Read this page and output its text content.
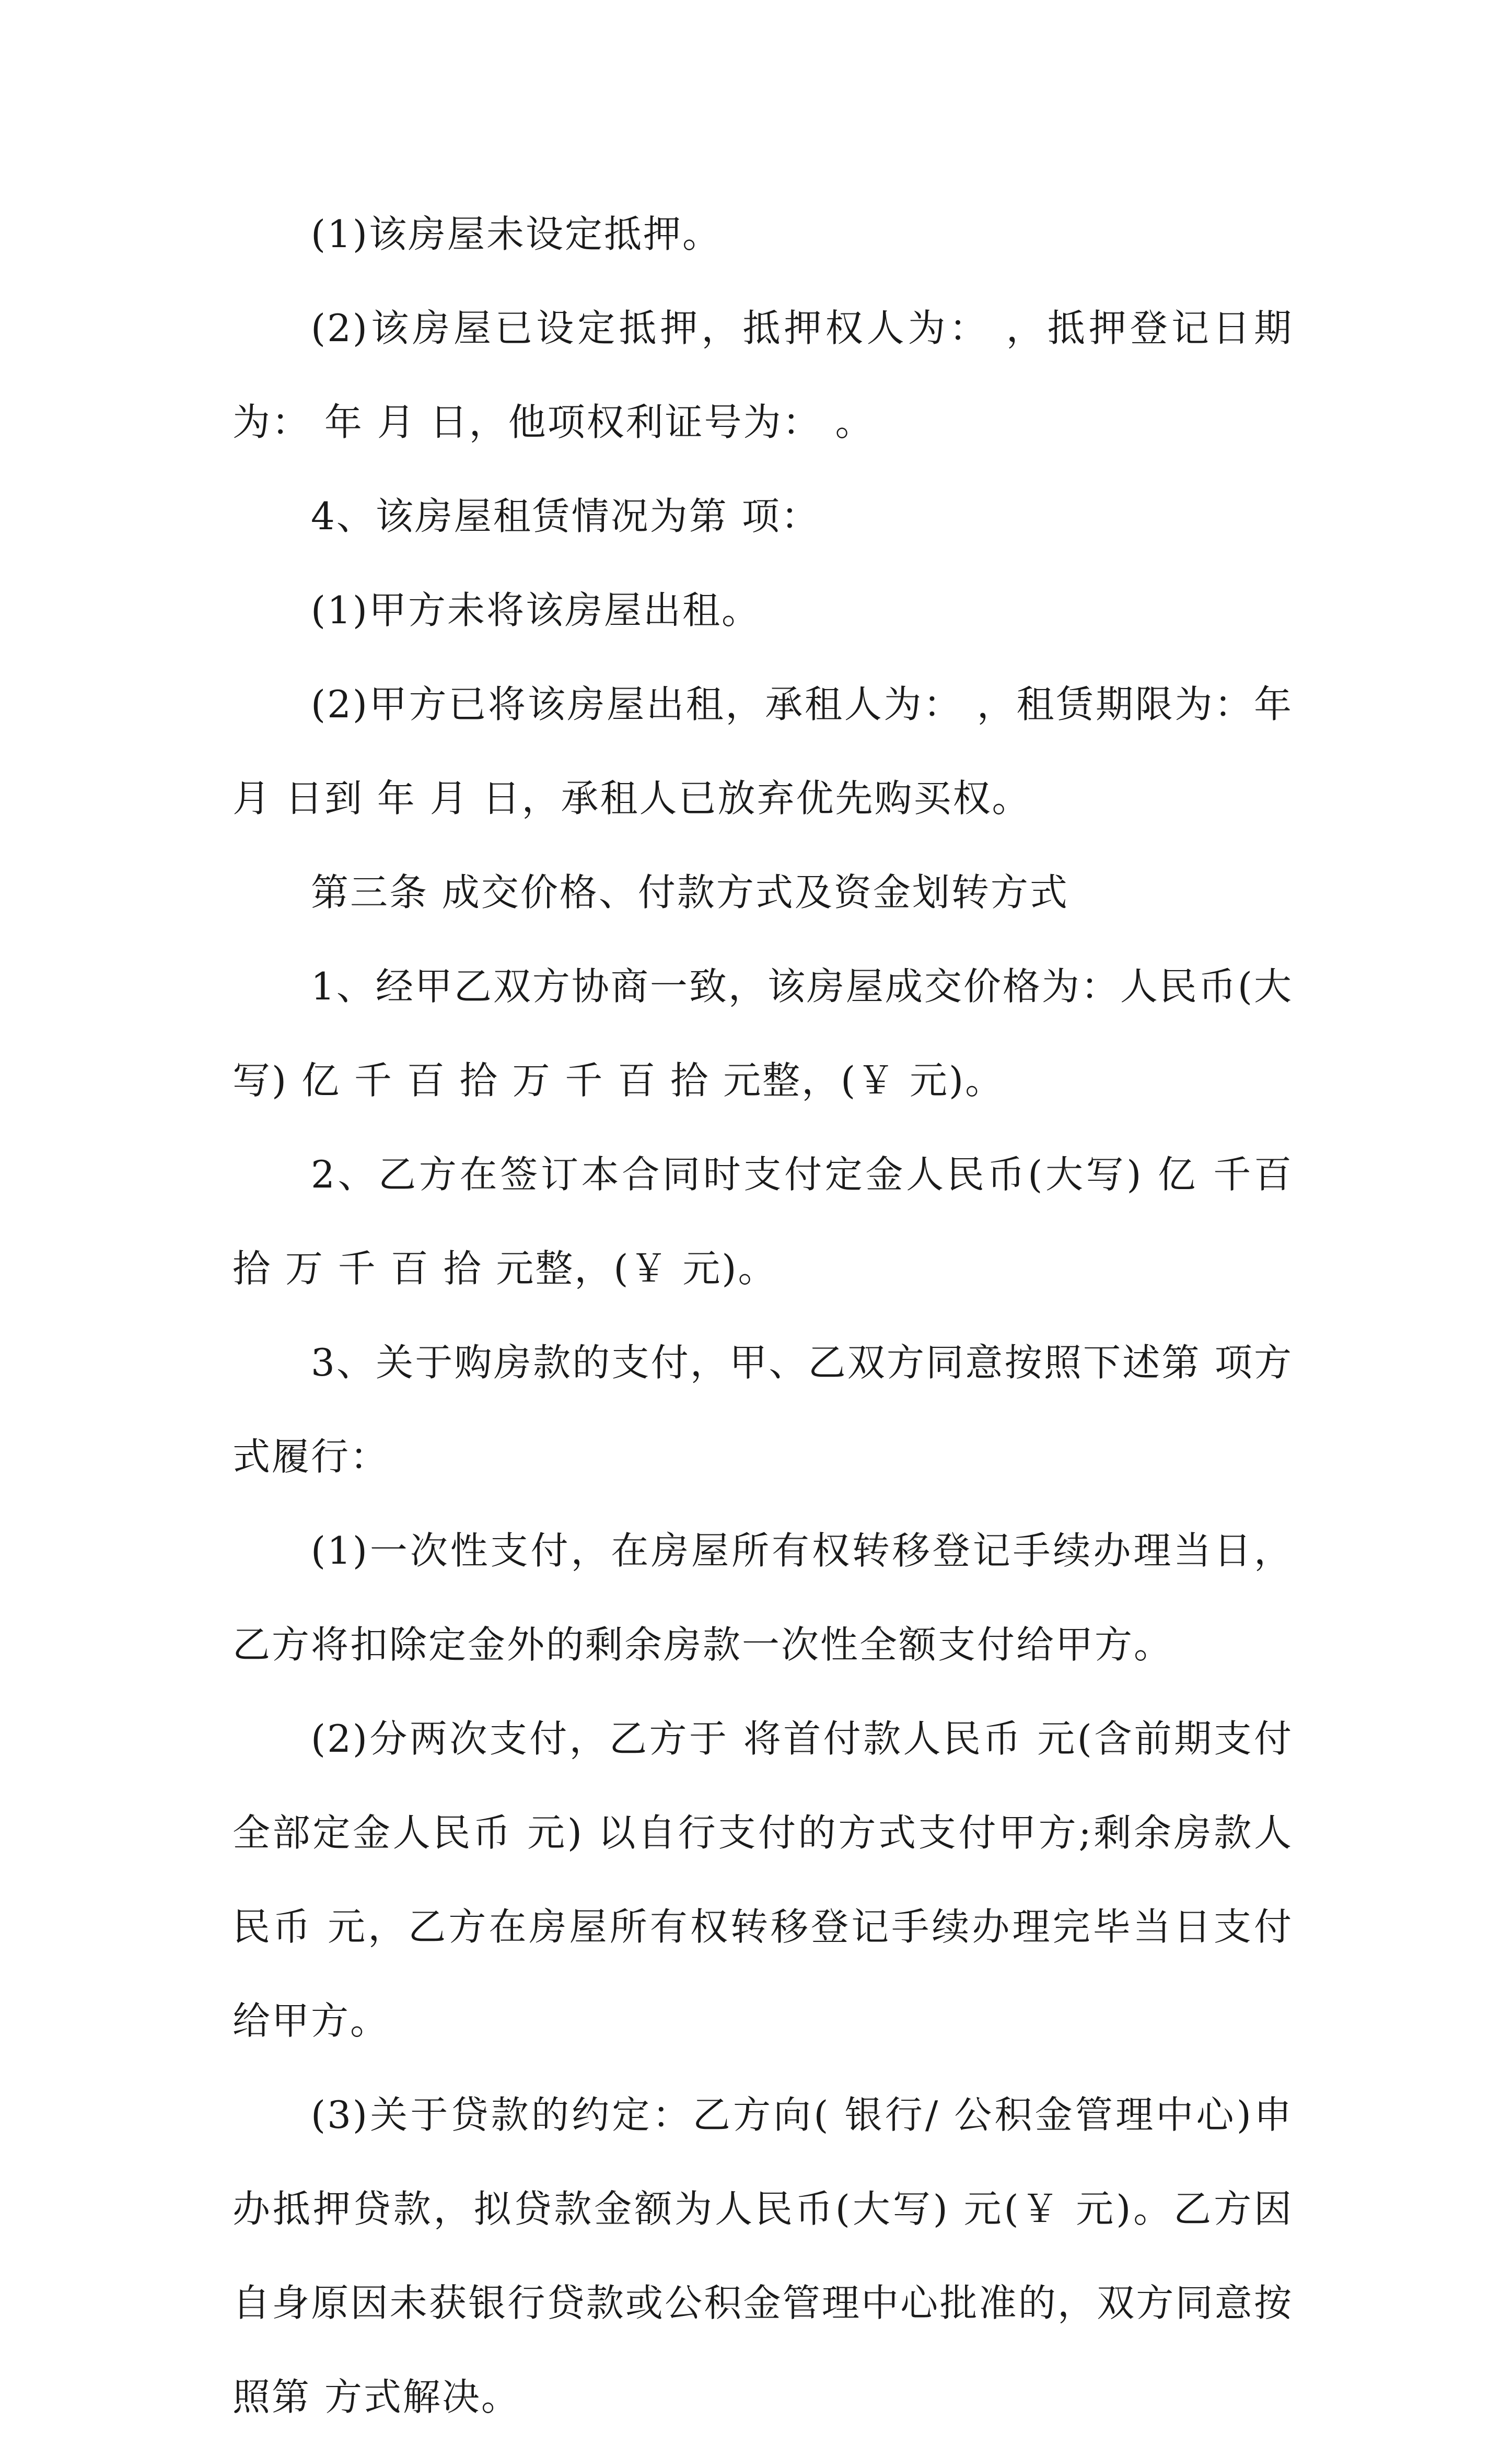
(1)该房屋未设定抵押。

(2)该房屋已设定抵押，抵押权人为： ，抵押登记日期为： 年 月 日，他项权利证号为： 。

4、该房屋租赁情况为第 项：

(1)甲方未将该房屋出租。

(2)甲方已将该房屋出租，承租人为： ，租赁期限为：年 月 日到 年 月 日，承租人已放弃优先购买权。

第三条 成交价格、付款方式及资金划转方式

1、经甲乙双方协商一致，该房屋成交价格为：人民币(大写) 亿 千 百 拾 万 千 百 拾 元整，(￥ 元)。

2、乙方在签订本合同时支付定金人民币(大写) 亿 千百 拾 万 千 百 拾 元整，(￥ 元)。

3、关于购房款的支付，甲、乙双方同意按照下述第 项方式履行：

(1)一次性支付，在房屋所有权转移登记手续办理当日，乙方将扣除定金外的剩余房款一次性全额支付给甲方。

(2)分两次支付，乙方于 将首付款人民币 元(含前期支付全部定金人民币 元) 以自行支付的方式支付甲方;剩余房款人民币 元，乙方在房屋所有权转移登记手续办理完毕当日支付给甲方。

(3)关于贷款的约定：乙方向( 银行/ 公积金管理中心)申办抵押贷款，拟贷款金额为人民币(大写) 元(￥ 元)。乙方因自身原因未获银行贷款或公积金管理中心批准的，双方同意按照第 方式解决。
